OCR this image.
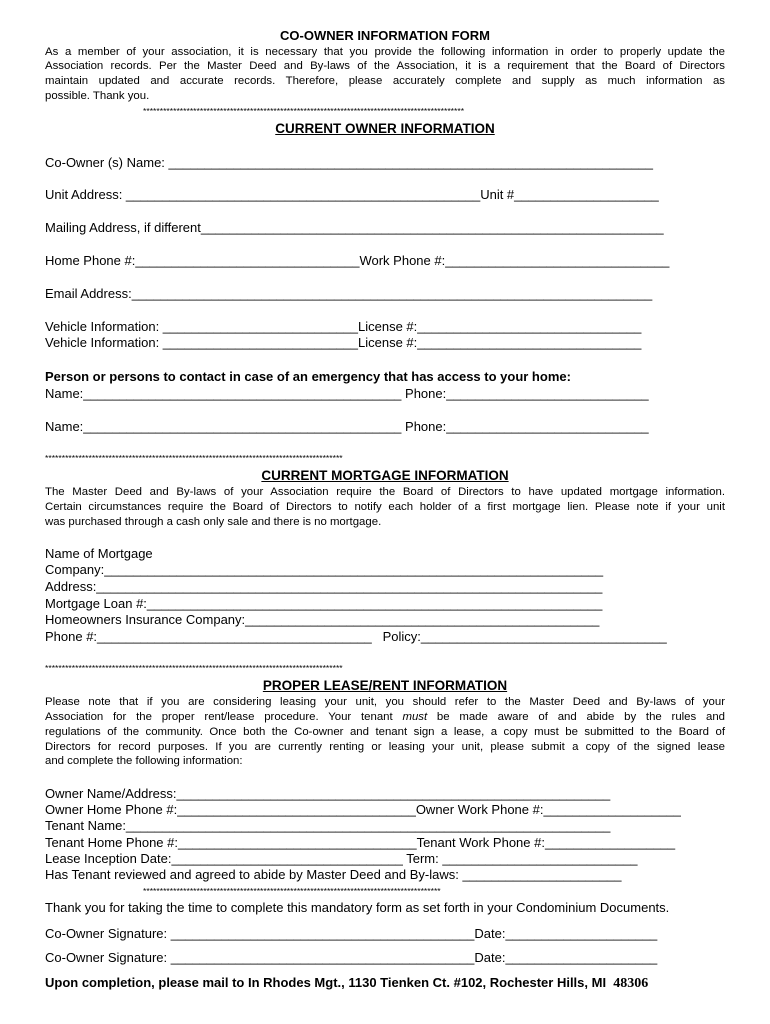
CO-OWNER INFORMATION FORM
As a member of your association, it is necessary that you provide the following information in order to properly update the
Association records. Per the Master Deed and By-laws of the Association, it is a requirement that the Board of Directors
maintain updated and accurate records. Therefore, please accurately complete and supply as much information as
possible. Thank you.
************************************************************************************************
CURRENT OWNER INFORMATION
Co-Owner (s) Name: ___________________________________________________________________
Unit Address: _________________________________________________Unit #____________________
Mailing Address, if different________________________________________________________________
Home Phone #:_______________________________Work Phone #:_______________________________
Email Address:________________________________________________________________________
Vehicle Information: ___________________________License #:_______________________________
Vehicle Information: ___________________________License #:_______________________________
Person or persons to contact in case of an emergency that has access to your home:
Name:____________________________________________ Phone:____________________________
Name:____________________________________________ Phone:____________________________
*****************************************************************************************
CURRENT MORTGAGE INFORMATION
The Master Deed and By-laws of your Association require the Board of Directors to have updated mortgage information.
Certain circumstances require the Board of Directors to notify each holder of a first mortgage lien. Please note if your unit
was purchased through a cash only sale and there is no mortgage.
Name of Mortgage
Company:_____________________________________________________________________
Address:______________________________________________________________________
Mortgage Loan #:_______________________________________________________________
Homeowners Insurance Company:_________________________________________________
Phone #:______________________________________   Policy:__________________________________
*****************************************************************************************
PROPER LEASE/RENT INFORMATION
Please note that if you are considering leasing your unit, you should refer to the Master Deed and By-laws of your
Association for the proper rent/lease procedure. Your tenant must be made aware of and abide by the rules and
regulations of the community. Once both the Co-owner and tenant sign a lease, a copy must be submitted to the Board of
Directors for record purposes. If you are currently renting or leasing your unit, please submit a copy of the signed lease
and complete the following information:
Owner Name/Address:____________________________________________________________
Owner Home Phone #:_________________________________Owner Work Phone #:___________________
Tenant Name:___________________________________________________________________
Tenant Home Phone #:_________________________________Tenant Work Phone #:__________________
Lease Inception Date:________________________________ Term: ___________________________
Has Tenant reviewed and agreed to abide by Master Deed and By-laws: ______________________
*****************************************************************************************
Thank you for taking the time to complete this mandatory form as set forth in your Condominium Documents.
Co-Owner Signature: __________________________________________Date:_____________________
Co-Owner Signature: __________________________________________Date:_____________________
Upon completion, please mail to In Rhodes Mgt., 1130 Tienken Ct. #102, Rochester Hills, MI  48306
